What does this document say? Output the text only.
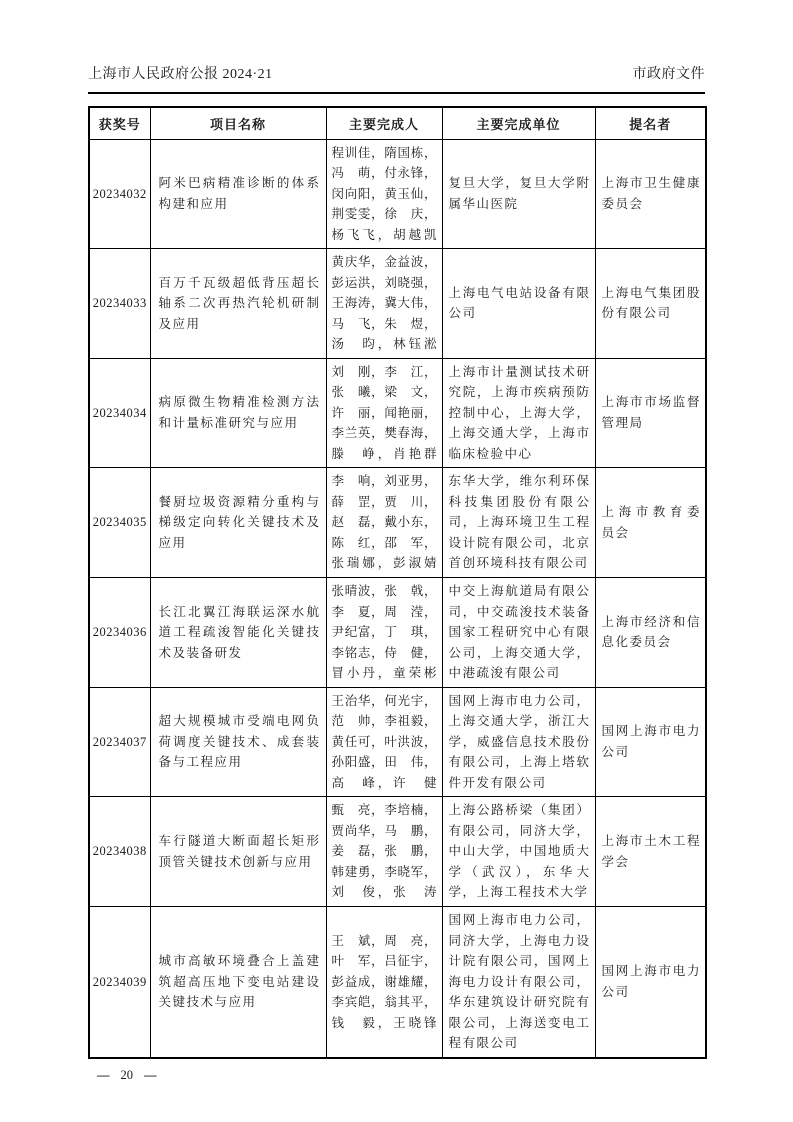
上海市人民政府公报 2024·21	市政府文件
获奖号	项目名称	主要完成人	主要完成单位	提名者
20234032	阿米巴病精准诊断的体系构建和应用	程训佳，隋国栋，
冯　萌，付永锋，
闵向阳，黄玉仙，
荆雯雯，徐　庆，
杨飞飞，胡越凯	复旦大学，复旦大学附属华山医院	上海市卫生健康委员会
20234033	百万千瓦级超低背压超长轴系二次再热汽轮机研制及应用	黄庆华，金益波，
彭运洪，刘晓强，
王海涛，冀大伟，
马　飞，朱　煜，
汤　昀，林钰淞	上海电气电站设备有限公司	上海电气集团股份有限公司
20234034	病原微生物精准检测方法和计量标准研究与应用	刘　刚，李　江，
张　曦，梁　文，
许　丽，闻艳丽，
李兰英，樊春海，
滕　峥，肖艳群	上海市计量测试技术研究院，上海市疾病预防控制中心，上海大学，上海交通大学，上海市临床检验中心	上海市市场监督管理局
20234035	餐厨垃圾资源精分重构与梯级定向转化关键技术及应用	李　响，刘亚男，
薛　罡，贾　川，
赵　磊，戴小东，
陈　红，邵　军，
张瑞娜，彭淑婧	东华大学，维尔利环保科技集团股份有限公司，上海环境卫生工程设计院有限公司，北京首创环境科技有限公司	上海市教育委员会
20234036	长江北翼江海联运深水航道工程疏浚智能化关键技术及装备研发	张晴波，张　戟，
李　夏，周　滢，
尹纪富，丁　琪，
李铭志，侍　健，
冒小丹，童荣彬	中交上海航道局有限公司，中交疏浚技术装备国家工程研究中心有限公司，上海交通大学，中港疏浚有限公司	上海市经济和信息化委员会
20234037	超大规模城市受端电网负荷调度关键技术、成套装备与工程应用	王治华，何光宇，
范　帅，李祖毅，
黄任可，叶洪波，
孙阳盛，田　伟，
高　峰，许　健	国网上海市电力公司，上海交通大学，浙江大学，威盛信息技术股份有限公司，上海上塔软件开发有限公司	国网上海市电力公司
20234038	车行隧道大断面超长矩形顶管关键技术创新与应用	甄　亮，李培楠，
贾尚华，马　鹏，
姜　磊，张　鹏，
韩建勇，李晓军，
刘　俊，张　涛	上海公路桥梁（集团）有限公司，同济大学，中山大学，中国地质大学（武汉），东华大学，上海工程技术大学	上海市土木工程学会
20234039	城市高敏环境叠合上盖建筑超高压地下变电站建设关键技术与应用	王　斌，周　亮，
叶　军，吕征宇，
彭益成，谢雄耀，
李宾皑，翁其平，
钱　毅，王晓锋	国网上海市电力公司，同济大学，上海电力设计院有限公司，国网上海电力设计有限公司，华东建筑设计研究院有限公司，上海送变电工程有限公司	国网上海市电力公司
— 20 —
